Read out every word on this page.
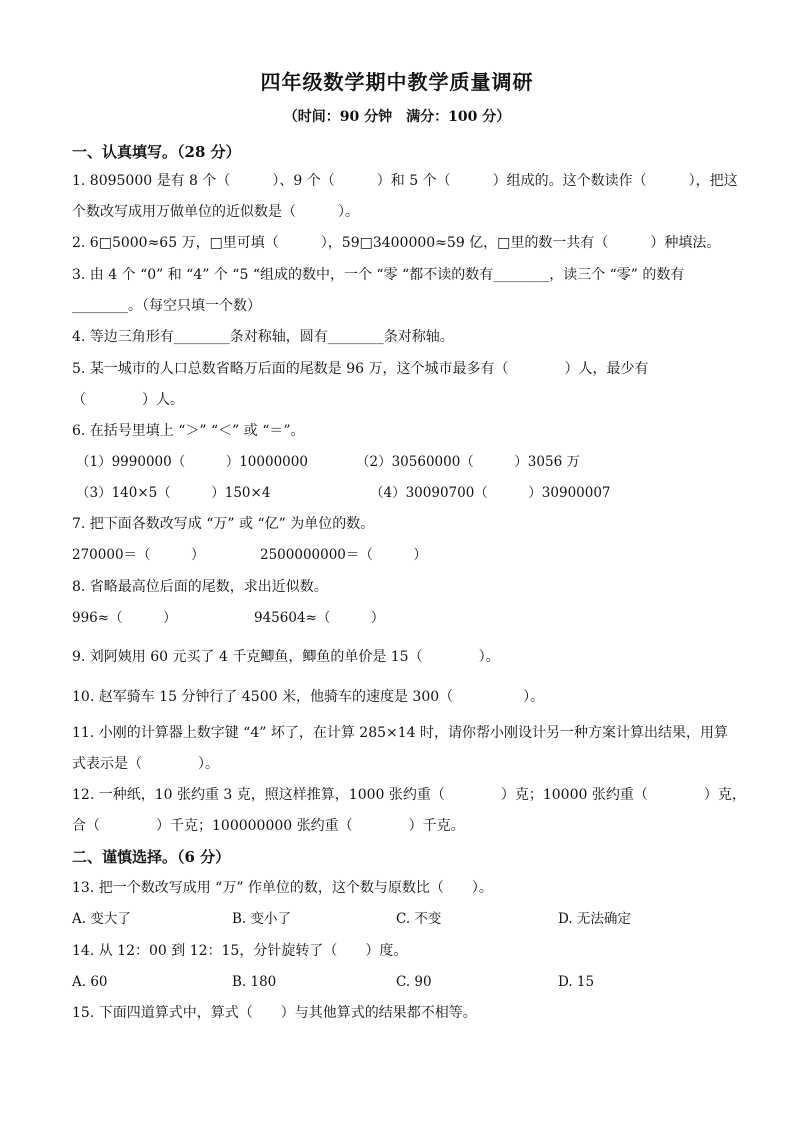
四年级数学期中教学质量调研
（时间：90 分钟　满分：100 分）
一、认真填写。（28 分）
1. 8095000 是有 8 个（　　　）、9 个（　　　）和 5 个（　　　）组成的。这个数读作（　　　），把这
个数改写成用万做单位的近似数是（　　　）。
2. 6□5000≈65 万，□里可填（　　　），59□3400000≈59 亿，□里的数一共有（　　　）种填法。
3. 由 4 个 “0” 和 “4” 个 “5 “组成的数中，一个 “零 “都不读的数有________，读三个 “零” 的数有
________。（每空只填一个数）
4. 等边三角形有________条对称轴，圆有________条对称轴。
5. 某一城市的人口总数省略万后面的尾数是 96 万，这个城市最多有（　　　　）人，最少有
（　　　　）人。
6. 在括号里填上 “＞” “＜” 或 “＝”。
（1）9990000（　　　）10000000	（2）30560000（　　　）3056 万
（3）140×5（　　　）150×4	（4）30090700（　　　）30900007
7. 把下面各数改写成 “万” 或 “亿” 为单位的数。
270000＝（　　　）	2500000000＝（　　　）
8. 省略最高位后面的尾数，求出近似数。
996≈（　　　）	945604≈（　　　）
9. 刘阿姨用 60 元买了 4 千克鲫鱼，鲫鱼的单价是 15（　　　　）。
10. 赵军骑车 15 分钟行了 4500 米，他骑车的速度是 300（　　　　　）。
11. 小刚的计算器上数字键 “4” 坏了，在计算 285×14 时，请你帮小刚设计另一种方案计算出结果，用算
式表示是（　　　　）。
12. 一种纸，10 张约重 3 克，照这样推算，1000 张约重（　　　　）克；10000 张约重（　　　　）克，
合（　　　　）千克；100000000 张约重（　　　　）千克。
二、谨慎选择。（6 分）
13. 把一个数改写成用 “万” 作单位的数，这个数与原数比（　　）。
A. 变大了	B. 变小了	C. 不变	D. 无法确定
14. 从 12：00 到 12：15，分针旋转了（　　）度。
A. 60	B. 180	C. 90	D. 15
15. 下面四道算式中，算式（　　）与其他算式的结果都不相等。
